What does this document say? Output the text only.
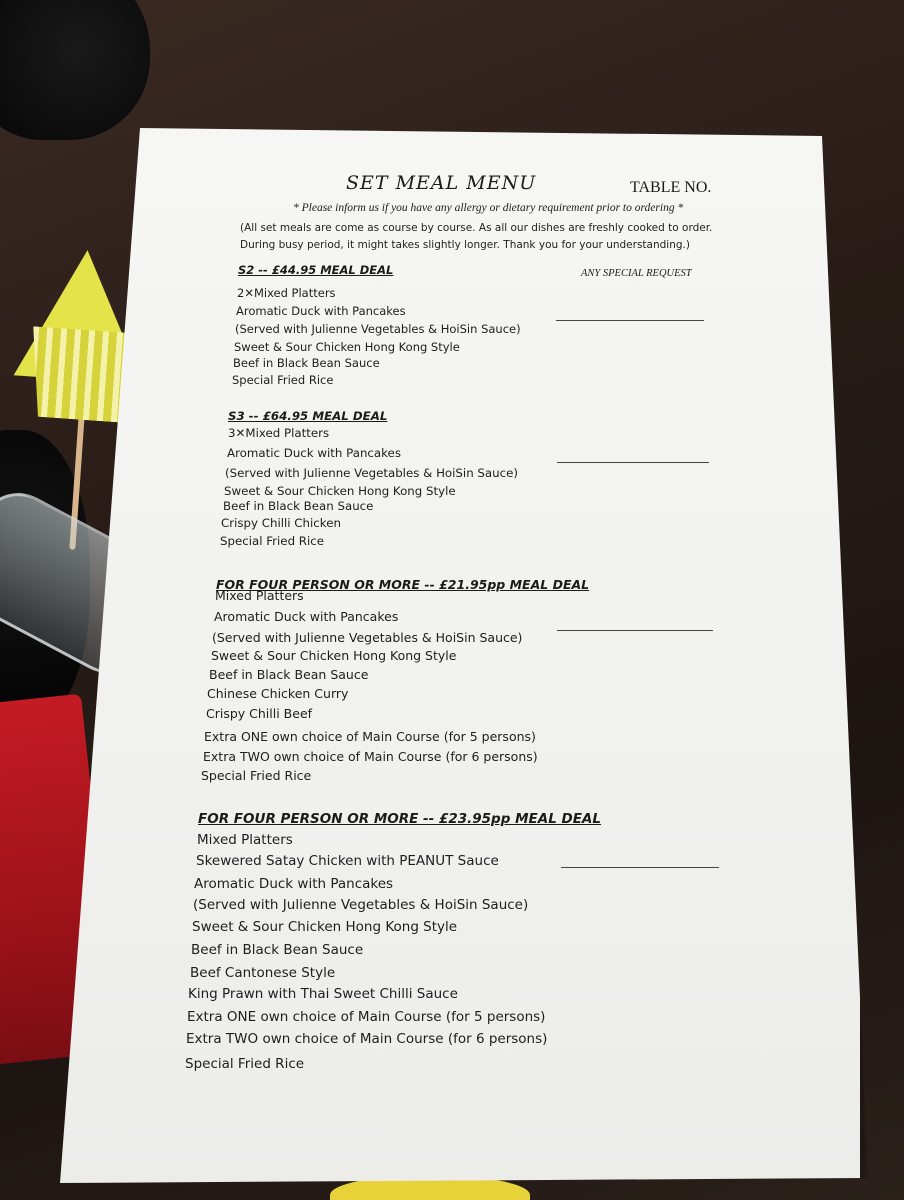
SET MEAL MENU	TABLE NO.
* Please inform us if you have any allergy or dietary requirement prior to ordering *
(All set meals are come as course by course. As all our dishes are freshly cooked to order.
During busy period, it might takes slightly longer. Thank you for your understanding.)
ANY SPECIAL REQUEST
S2 -- £44.95 MEAL DEAL
2✕Mixed Platters
Aromatic Duck with Pancakes
(Served with Julienne Vegetables & HoiSin Sauce)
Sweet & Sour Chicken Hong Kong Style
Beef in Black Bean Sauce
Special Fried Rice
S3 -- £64.95 MEAL DEAL
3✕Mixed Platters
Aromatic Duck with Pancakes
(Served with Julienne Vegetables & HoiSin Sauce)
Sweet & Sour Chicken Hong Kong Style
Beef in Black Bean Sauce
Crispy Chilli Chicken
Special Fried Rice
FOR FOUR PERSON OR MORE -- £21.95pp MEAL DEAL
Mixed Platters
Aromatic Duck with Pancakes
(Served with Julienne Vegetables & HoiSin Sauce)
Sweet & Sour Chicken Hong Kong Style
Beef in Black Bean Sauce
Chinese Chicken Curry
Crispy Chilli Beef
Extra ONE own choice of Main Course (for 5 persons)
Extra TWO own choice of Main Course (for 6 persons)
Special Fried Rice
FOR FOUR PERSON OR MORE -- £23.95pp MEAL DEAL
Mixed Platters
Skewered Satay Chicken with PEANUT Sauce
Aromatic Duck with Pancakes
(Served with Julienne Vegetables & HoiSin Sauce)
Sweet & Sour Chicken Hong Kong Style
Beef in Black Bean Sauce
Beef Cantonese Style
King Prawn with Thai Sweet Chilli Sauce
Extra ONE own choice of Main Course (for 5 persons)
Extra TWO own choice of Main Course (for 6 persons)
Special Fried Rice
